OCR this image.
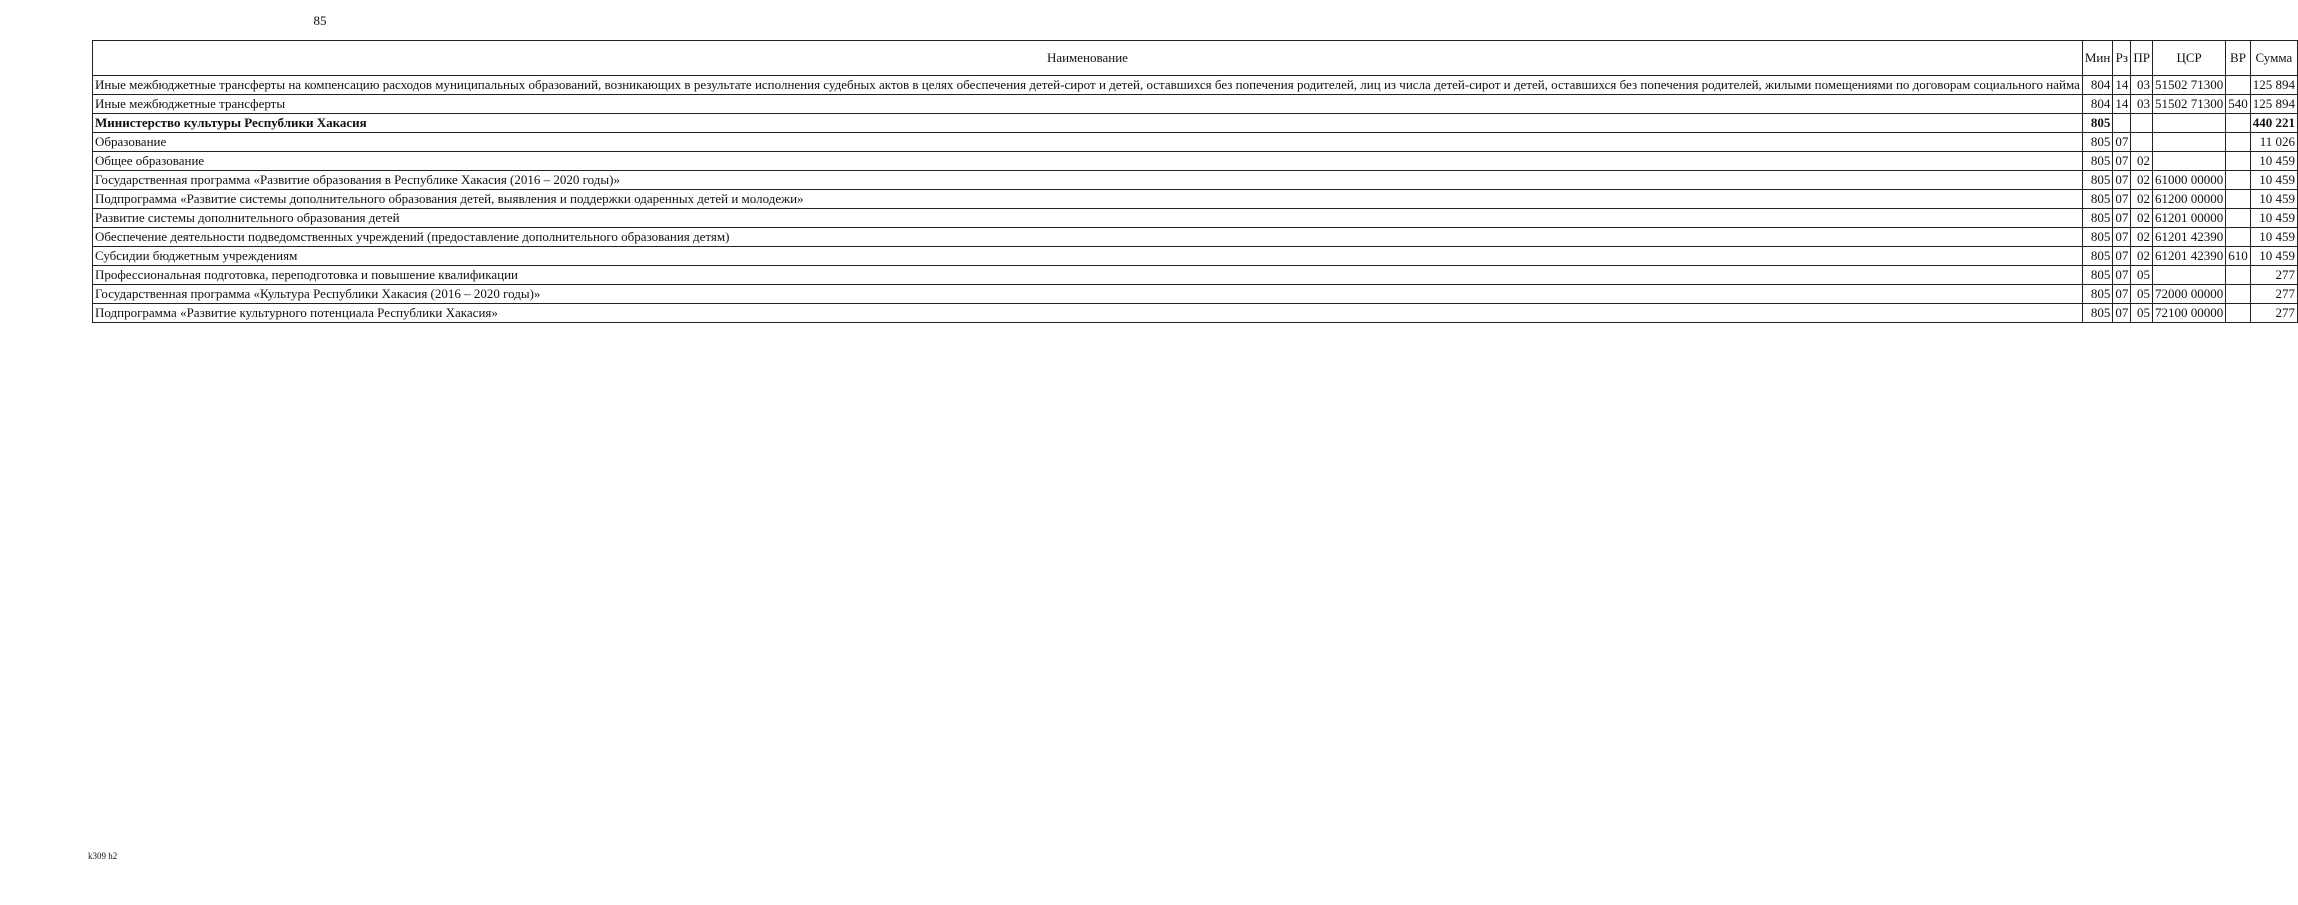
85
Наименование	Мин	Рз	ПР	ЦСР	ВР	Сумма
Иные межбюджетные трансферты на компенсацию расходов муниципальных образований, возникающих в результате исполнения судебных актов в целях обеспечения детей-сирот и детей, оставшихся без попечения родителей, лиц из числа детей-сирот и детей, оставшихся без попечения родителей, жилыми помещениями по договорам социального найма	804	14	03	51502 71300		125 894
Иные межбюджетные трансферты	804	14	03	51502 71300	540	125 894
Министерство культуры Республики Хакасия	805					440 221
Образование	805	07				11 026
Общее образование	805	07	02			10 459
Государственная программа «Развитие образования в Республике Хакасия (2016 – 2020 годы)»	805	07	02	61000 00000		10 459
Подпрограмма «Развитие системы дополнительного образования детей, выявления и поддержки одаренных детей и молодежи»	805	07	02	61200 00000		10 459
Развитие системы дополнительного образования детей	805	07	02	61201 00000		10 459
Обеспечение деятельности подведомственных учреждений (предоставление дополнительного образования детям)	805	07	02	61201 42390		10 459
Субсидии бюджетным учреждениям	805	07	02	61201 42390	610	10 459
Профессиональная подготовка, переподготовка и повышение квалификации	805	07	05			277
Государственная программа «Культура Республики Хакасия (2016 – 2020 годы)»	805	07	05	72000 00000		277
Подпрограмма «Развитие культурного потенциала Республики Хакасия»	805	07	05	72100 00000		277
k309 h2
